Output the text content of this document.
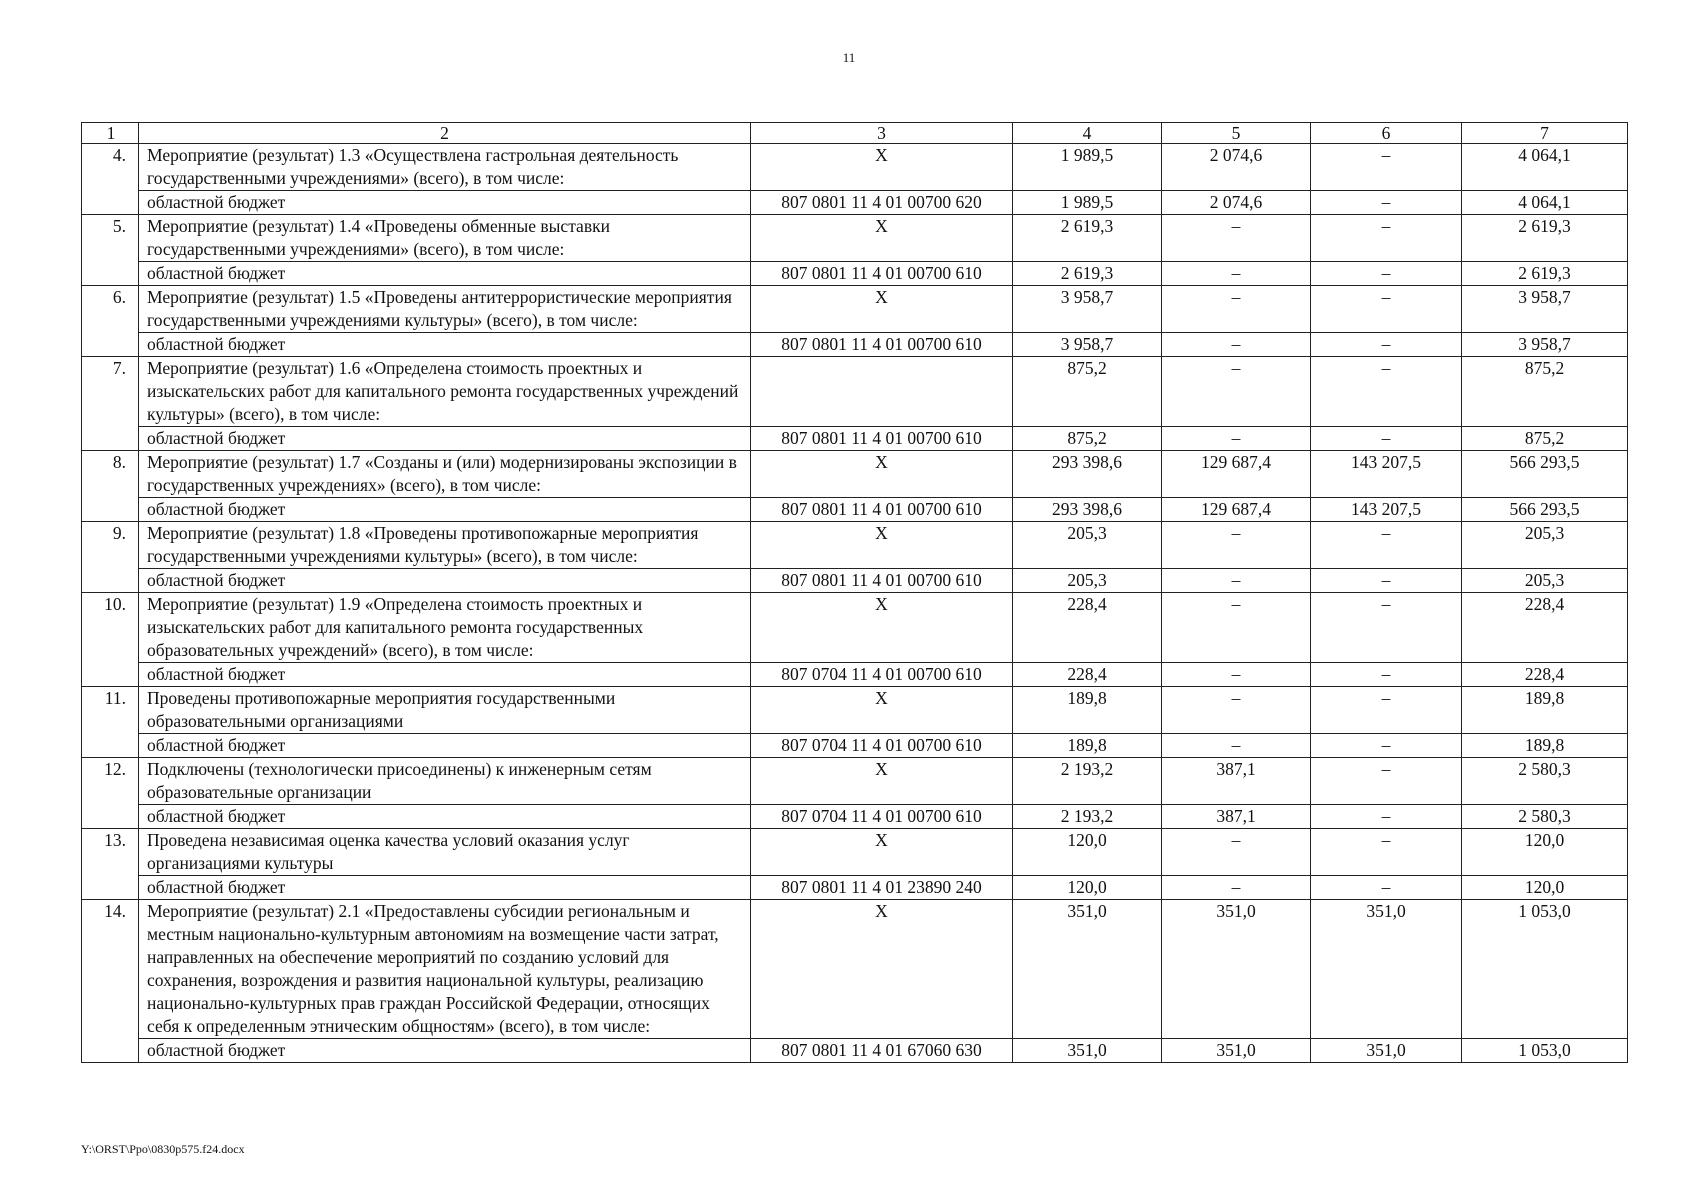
11
1	2	3	4	5	6	7
4.	Мероприятие (результат) 1.3 «Осуществлена гастрольная деятельность государственными учреждениями» (всего), в том числе:	Х	1 989,5	2 074,6	–	4 064,1
	областной бюджет	807 0801 11 4 01 00700 620	1 989,5	2 074,6	–	4 064,1
5.	Мероприятие (результат) 1.4 «Проведены обменные выставки государственными учреждениями» (всего), в том числе:	Х	2 619,3	–	–	2 619,3
	областной бюджет	807 0801 11 4 01 00700 610	2 619,3	–	–	2 619,3
6.	Мероприятие (результат) 1.5 «Проведены антитеррористические мероприятия государственными учреждениями культуры» (всего), в том числе:	Х	3 958,7	–	–	3 958,7
	областной бюджет	807 0801 11 4 01 00700 610	3 958,7	–	–	3 958,7
7.	Мероприятие (результат) 1.6 «Определена стоимость проектных и изыскательских работ для капитального ремонта государственных учреждений культуры» (всего), в том числе:		875,2	–	–	875,2
	областной бюджет	807 0801 11 4 01 00700 610	875,2	–	–	875,2
8.	Мероприятие (результат) 1.7 «Созданы и (или) модернизированы экспозиции в государственных учреждениях» (всего), в том числе:	Х	293 398,6	129 687,4	143 207,5	566 293,5
	областной бюджет	807 0801 11 4 01 00700 610	293 398,6	129 687,4	143 207,5	566 293,5
9.	Мероприятие (результат) 1.8 «Проведены противопожарные мероприятия государственными учреждениями культуры» (всего), в том числе:	Х	205,3	–	–	205,3
	областной бюджет	807 0801 11 4 01 00700 610	205,3	–	–	205,3
10.	Мероприятие (результат) 1.9 «Определена стоимость проектных и изыскательских работ для капитального ремонта государственных образовательных учреждений» (всего), в том числе:	Х	228,4	–	–	228,4
	областной бюджет	807 0704 11 4 01 00700 610	228,4	–	–	228,4
11.	Проведены противопожарные мероприятия государственными образовательными организациями	Х	189,8	–	–	189,8
	областной бюджет	807 0704 11 4 01 00700 610	189,8	–	–	189,8
12.	Подключены (технологически присоединены) к инженерным сетям образовательные организации	Х	2 193,2	387,1	–	2 580,3
	областной бюджет	807 0704 11 4 01 00700 610	2 193,2	387,1	–	2 580,3
13.	Проведена независимая оценка качества условий оказания услуг организациями культуры	Х	120,0	–	–	120,0
	областной бюджет	807 0801 11 4 01 23890 240	120,0	–	–	120,0
14.	Мероприятие (результат) 2.1 «Предоставлены субсидии региональным и местным национально-культурным автономиям на возмещение части затрат, направленных на обеспечение мероприятий по созданию условий для сохранения, возрождения и развития национальной культуры, реализацию национально-культурных прав граждан Российской Федерации, относящих себя к определенным этническим общностям» (всего), в том числе:	Х	351,0	351,0	351,0	1 053,0
	областной бюджет	807 0801 11 4 01 67060 630	351,0	351,0	351,0	1 053,0
Y:\ORST\Ppo\0830p575.f24.docx
